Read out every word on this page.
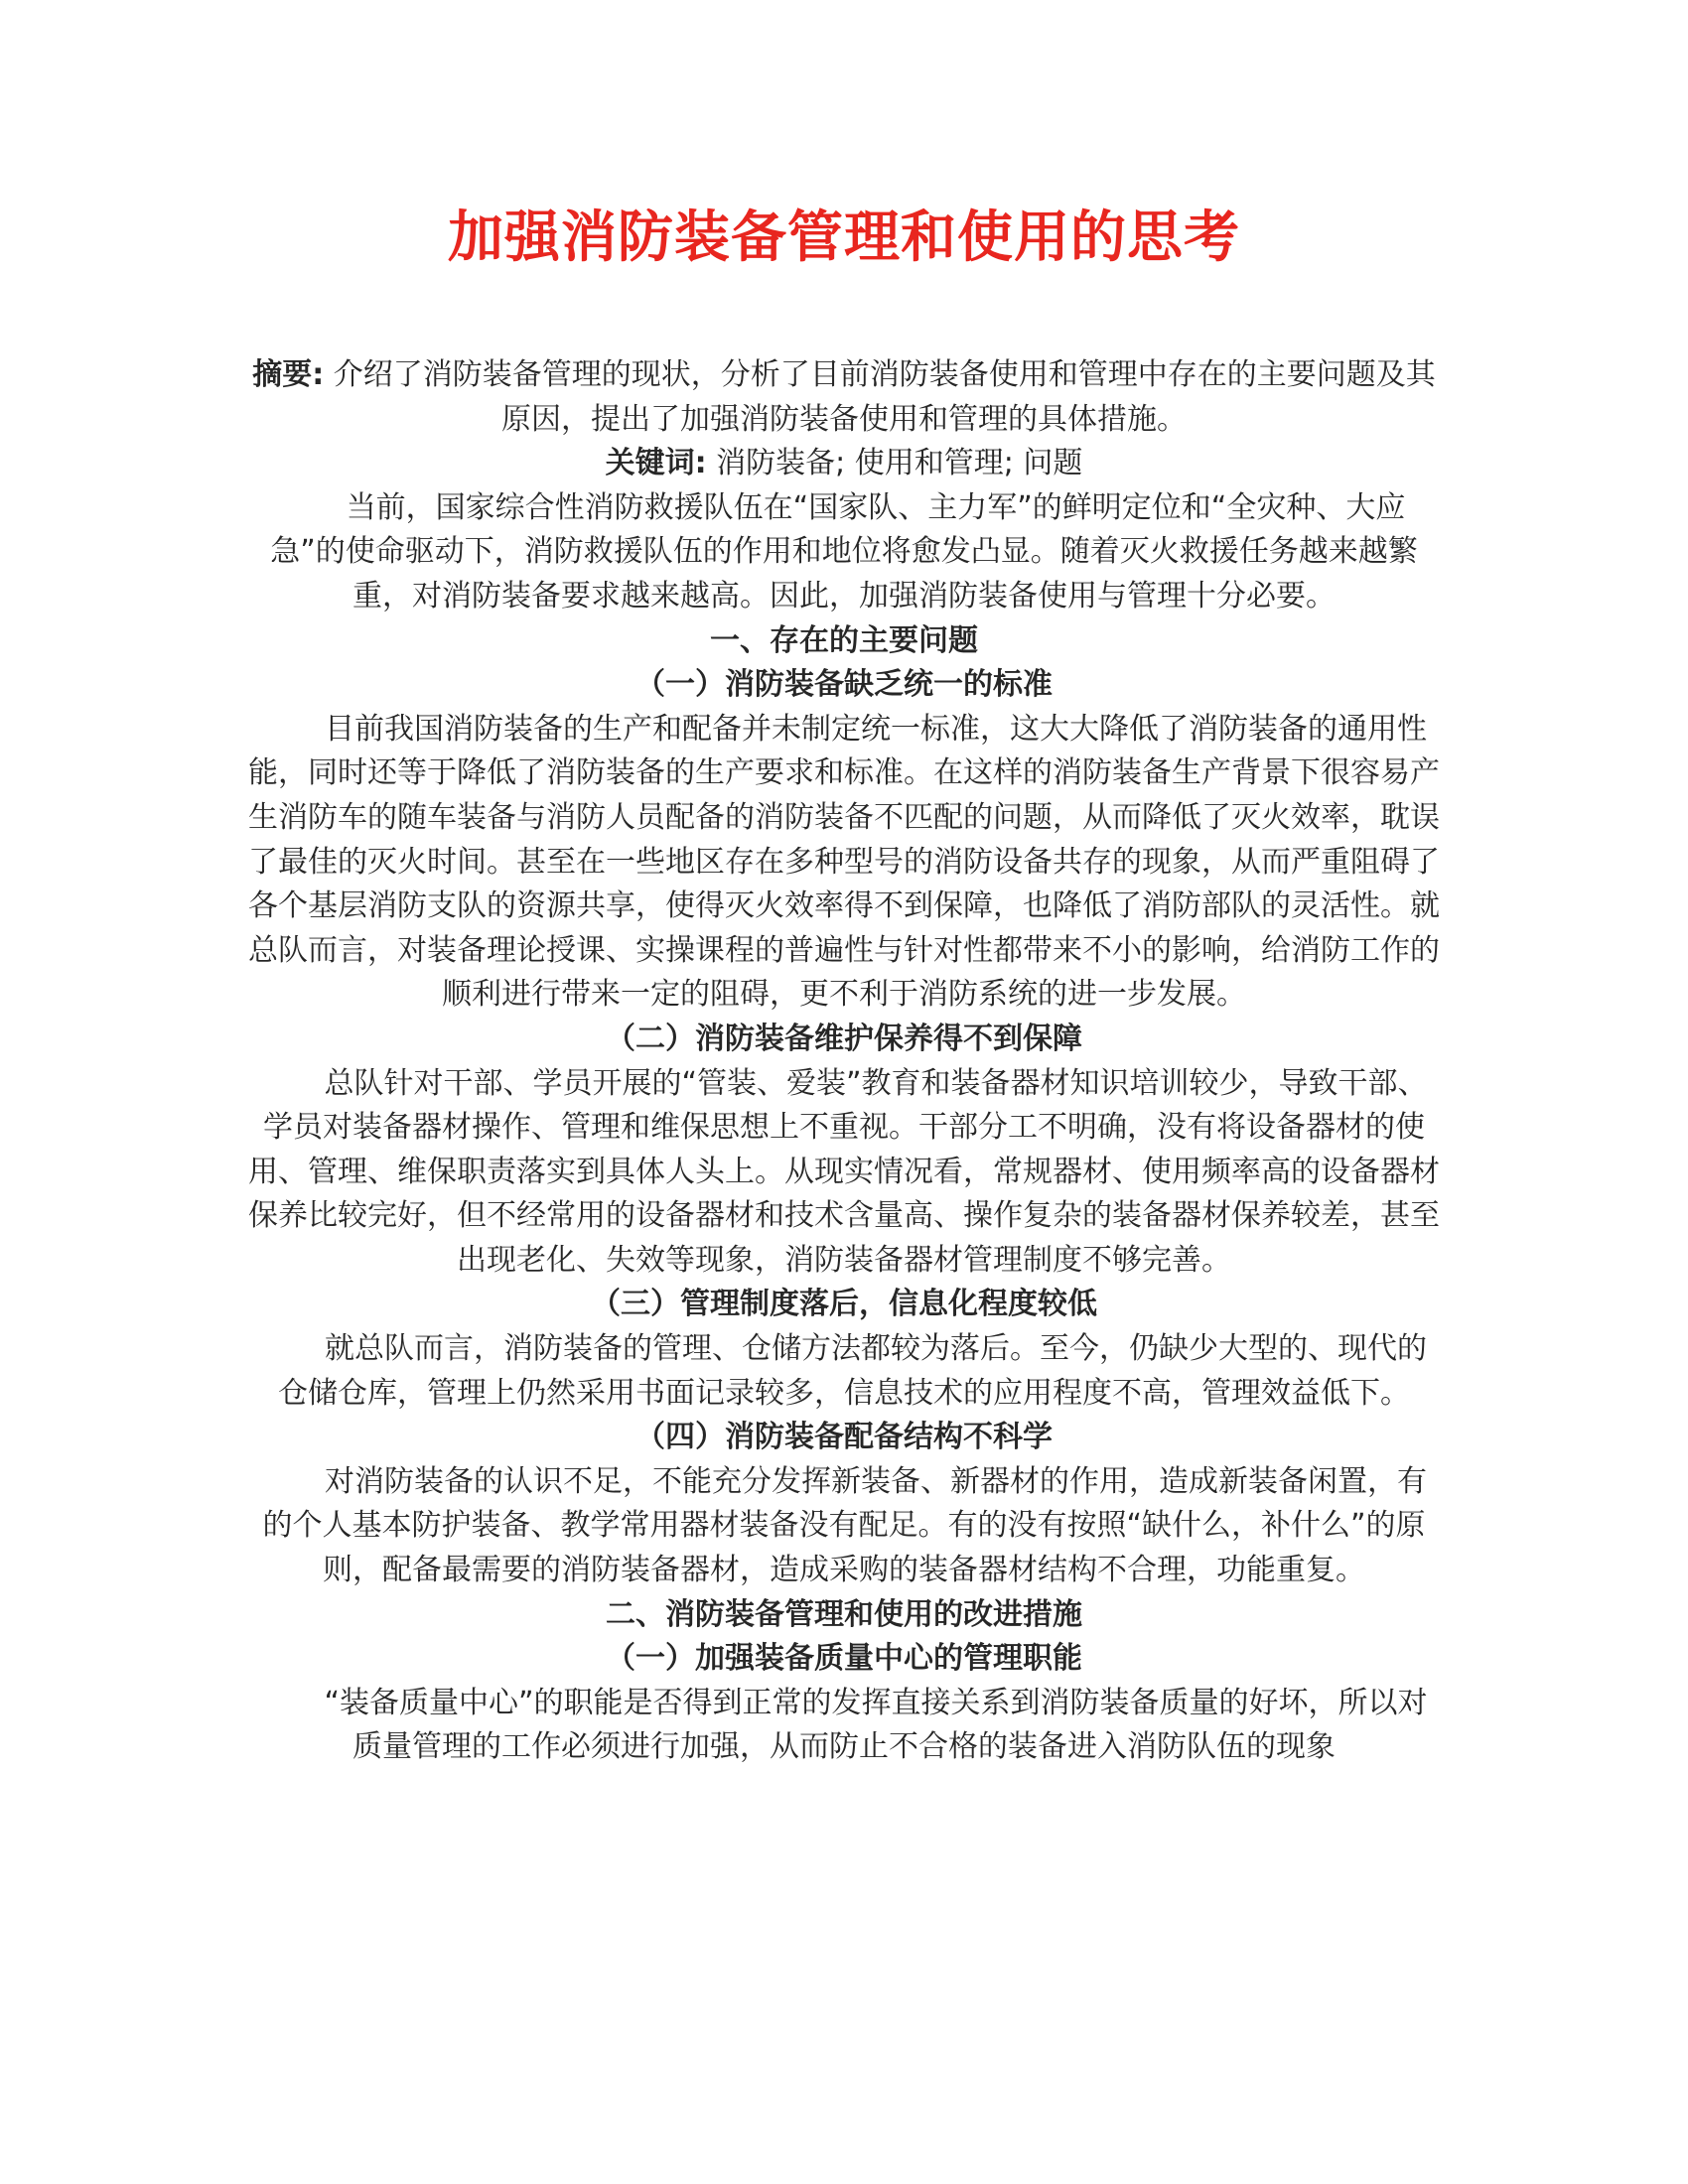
加强消防装备管理和使用的思考

摘要: 介绍了消防装备管理的现状，分析了目前消防装备使用和管理中存在的主要问题及其原因，提出了加强消防装备使用和管理的具体措施。

关键词: 消防装备; 使用和管理; 问题

当前，国家综合性消防救援队伍在“国家队、主力军”的鲜明定位和“全灾种、大应急”的使命驱动下，消防救援队伍的作用和地位将愈发凸显。随着灭火救援任务越来越繁重，对消防装备要求越来越高。因此，加强消防装备使用与管理十分必要。

一、存在的主要问题

（一）消防装备缺乏统一的标准

目前我国消防装备的生产和配备并未制定统一标准，这大大降低了消防装备的通用性能，同时还等于降低了消防装备的生产要求和标准。在这样的消防装备生产背景下很容易产生消防车的随车装备与消防人员配备的消防装备不匹配的问题，从而降低了灭火效率，耽误了最佳的灭火时间。甚至在一些地区存在多种型号的消防设备共存的现象，从而严重阻碍了各个基层消防支队的资源共享，使得灭火效率得不到保障，也降低了消防部队的灵活性。就总队而言，对装备理论授课、实操课程的普遍性与针对性都带来不小的影响，给消防工作的顺利进行带来一定的阻碍，更不利于消防系统的进一步发展。

（二）消防装备维护保养得不到保障

总队针对干部、学员开展的“管装、爱装”教育和装备器材知识培训较少，导致干部、学员对装备器材操作、管理和维保思想上不重视。干部分工不明确，没有将设备器材的使用、管理、维保职责落实到具体人头上。从现实情况看，常规器材、使用频率高的设备器材保养比较完好，但不经常用的设备器材和技术含量高、操作复杂的装备器材保养较差，甚至出现老化、失效等现象，消防装备器材管理制度不够完善。

（三）管理制度落后，信息化程度较低

就总队而言，消防装备的管理、仓储方法都较为落后。至今，仍缺少大型的、现代的仓储仓库，管理上仍然采用书面记录较多，信息技术的应用程度不高，管理效益低下。

（四）消防装备配备结构不科学

对消防装备的认识不足，不能充分发挥新装备、新器材的作用，造成新装备闲置，有的个人基本防护装备、教学常用器材装备没有配足。有的没有按照“缺什么，补什么”的原则，配备最需要的消防装备器材，造成采购的装备器材结构不合理，功能重复。

二、消防装备管理和使用的改进措施

（一）加强装备质量中心的管理职能

“装备质量中心”的职能是否得到正常的发挥直接关系到消防装备质量的好坏，所以对质量管理的工作必须进行加强，从而防止不合格的装备进入消防队伍的现象
